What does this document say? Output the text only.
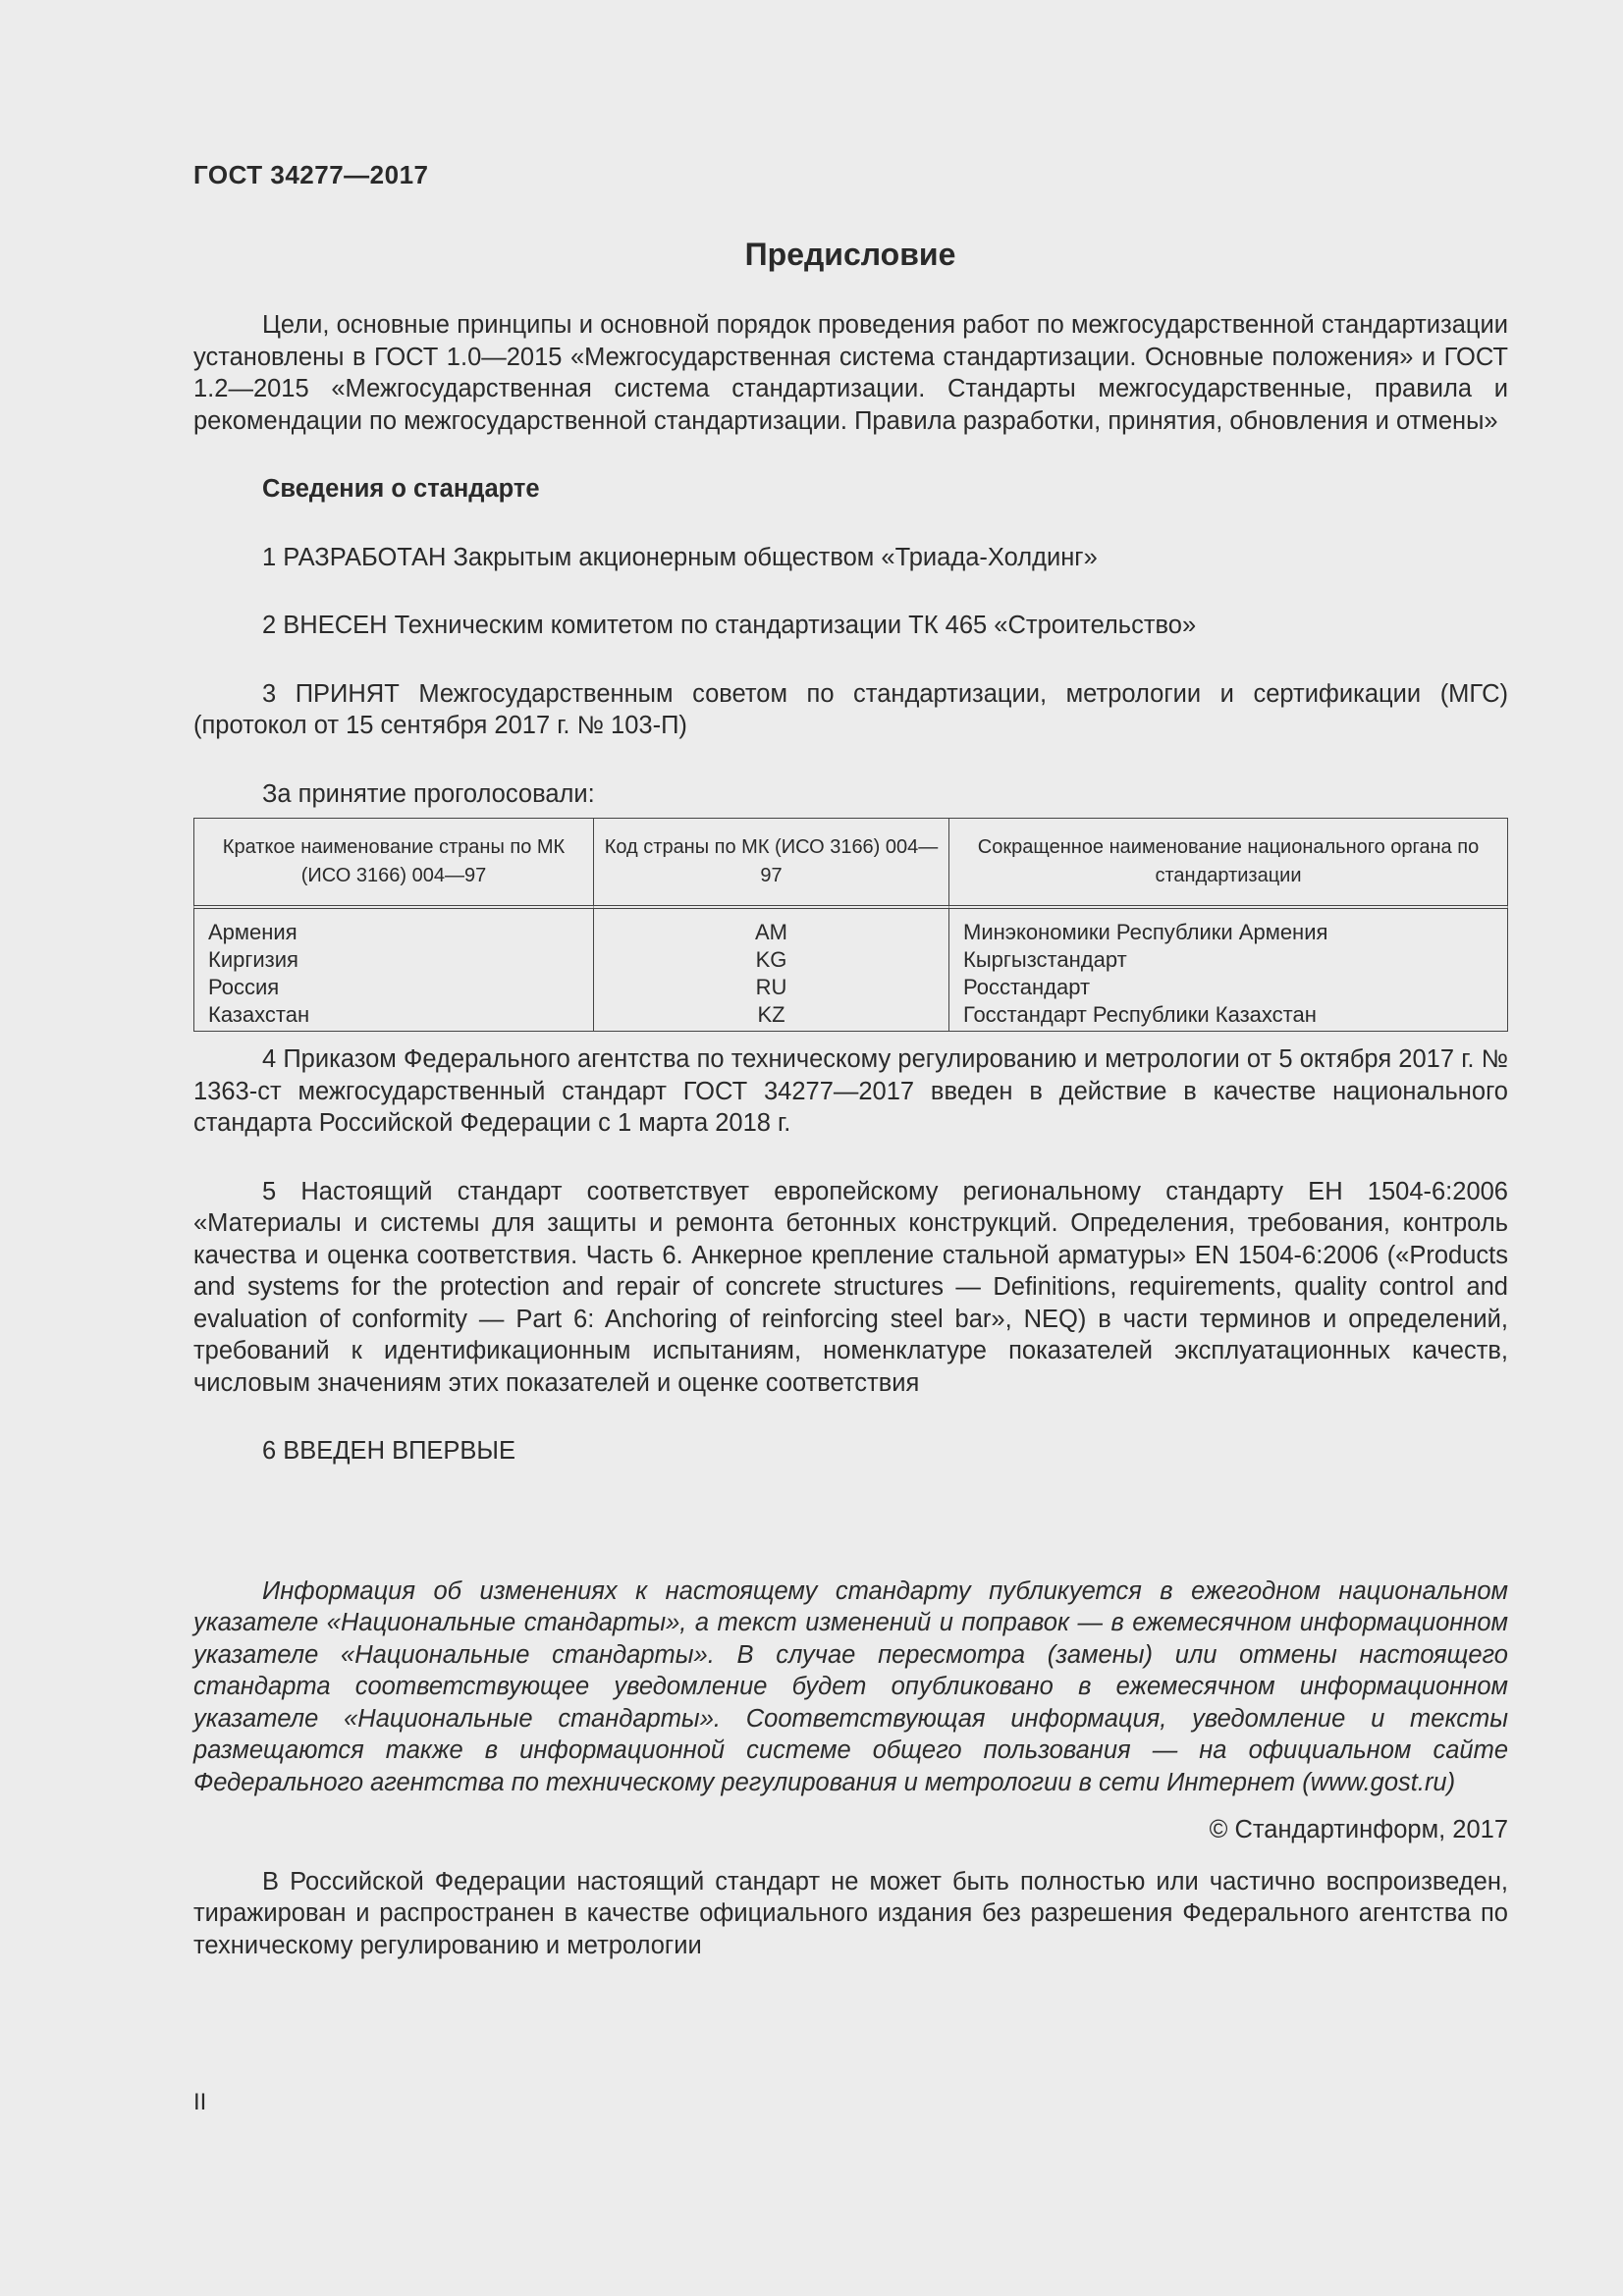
ГОСТ 34277—2017
Предисловие

Цели, основные принципы и основной порядок проведения работ по межгосударственной стандартизации установлены в ГОСТ 1.0—2015 «Межгосударственная система стандартизации. Основные положения» и ГОСТ 1.2—2015 «Межгосударственная система стандартизации. Стандарты межгосударственные, правила и рекомендации по межгосударственной стандартизации. Правила разработки, принятия, обновления и отмены»

Сведения о стандарте

1 РАЗРАБОТАН Закрытым акционерным обществом «Триада-Холдинг»

2 ВНЕСЕН Техническим комитетом по стандартизации ТК 465 «Строительство»

3 ПРИНЯТ Межгосударственным советом по стандартизации, метрологии и сертификации (МГС) (протокол от 15 сентября 2017 г. № 103-П)

За принятие проголосовали:

Краткое наименование страны по МК (ИСО 3166) 004—97	Код страны по МК (ИСО 3166) 004—97	Сокращенное наименование национального органа по стандартизации
Армения	AM	Минэкономики Республики Армения
Киргизия	KG	Кыргызстандарт
Россия	RU	Росстандарт
Казахстан	KZ	Госстандарт Республики Казахстан

4 Приказом Федерального агентства по техническому регулированию и метрологии от 5 октября 2017 г. № 1363-ст межгосударственный стандарт ГОСТ 34277—2017 введен в действие в качестве национального стандарта Российской Федерации с 1 марта 2018 г.

5 Настоящий стандарт соответствует европейскому региональному стандарту ЕН 1504-6:2006 «Материалы и системы для защиты и ремонта бетонных конструкций. Определения, требования, контроль качества и оценка соответствия. Часть 6. Анкерное крепление стальной арматуры» EN 1504-6:2006 («Products and systems for the protection and repair of concrete structures — Definitions, requirements, quality control and evaluation of conformity — Part 6: Anchoring of reinforcing steel bar», NEQ) в части терминов и определений, требований к идентификационным испытаниям, номенклатуре показателей эксплуатационных качеств, числовым значениям этих показателей и оценке соответствия

6 ВВЕДЕН ВПЕРВЫЕ

Информация об изменениях к настоящему стандарту публикуется в ежегодном национальном указателе «Национальные стандарты», а текст изменений и поправок — в ежемесячном информационном указателе «Национальные стандарты». В случае пересмотра (замены) или отмены настоящего стандарта соответствующее уведомление будет опубликовано в ежемесячном информационном указателе «Национальные стандарты». Соответствующая информация, уведомление и тексты размещаются также в информационной системе общего пользования — на официальном сайте Федерального агентства по техническому регулирования и метрологии в сети Интернет (www.gost.ru)

© Стандартинформ, 2017

В Российской Федерации настоящий стандарт не может быть полностью или частично воспроизведен, тиражирован и распространен в качестве официального издания без разрешения Федерального агентства по техническому регулированию и метрологии

II
